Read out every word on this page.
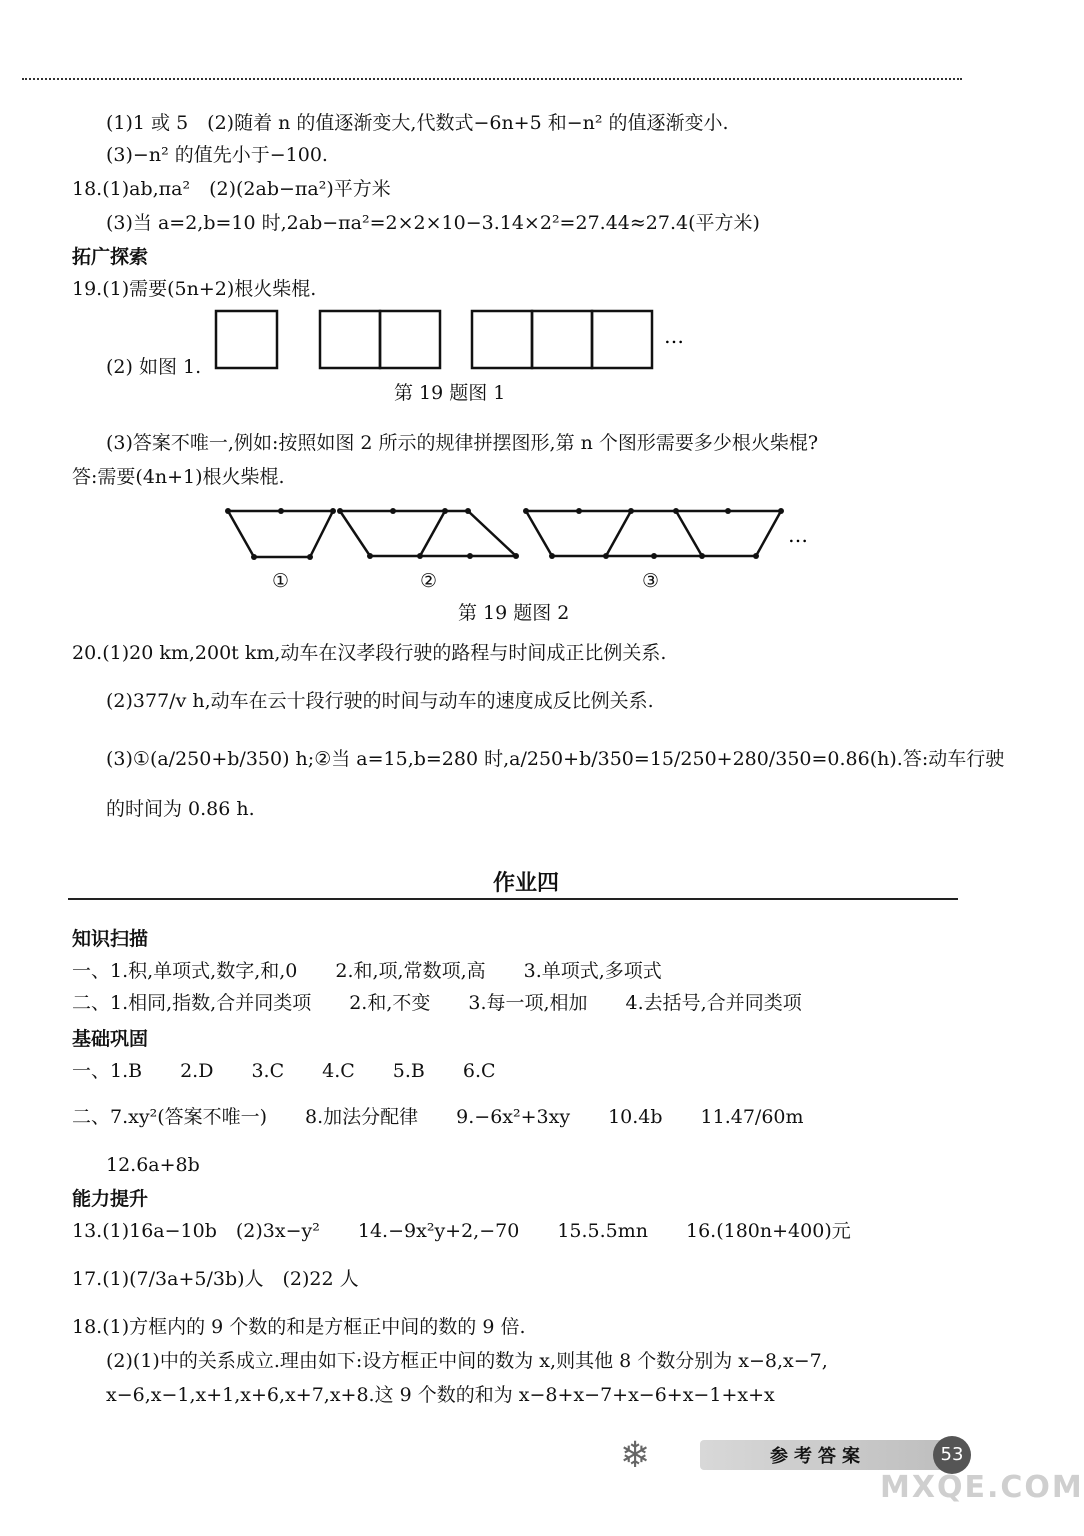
(1)1 或 5　(2)随着 n 的值逐渐变大,代数式−6n+5 和−n² 的值逐渐变小.
(3)−n² 的值先小于−100.
18.(1)ab,πa²　(2)(2ab−πa²)平方米
(3)当 a=2,b=10 时,2ab−πa²=2×2×10−3.14×2²=27.44≈27.4(平方米)
拓广探索
19.(1)需要(5n+2)根火柴棍.
(2) 如图 1.
…
第 19 题图 1
(3)答案不唯一,例如:按照如图 2 所示的规律拼摆图形,第 n 个图形需要多少根火柴棍?
答:需要(4n+1)根火柴棍.
…
①	②	③
第 19 题图 2
20.(1)20 km,200t km,动车在汉孝段行驶的路程与时间成正比例关系.
(2)377/v h,动车在云十段行驶的时间与动车的速度成反比例关系.
(3)①(a/250+b/350) h;②当 a=15,b=280 时,a/250+b/350=15/250+280/350=0.86(h).答:动车行驶
的时间为 0.86 h.
作业四
知识扫描
一、1.积,单项式,数字,和,0　　2.和,项,常数项,高　　3.单项式,多项式
二、1.相同,指数,合并同类项　　2.和,不变　　3.每一项,相加　　4.去括号,合并同类项
基础巩固
一、1.B　　2.D　　3.C　　4.C　　5.B　　6.C
二、7.xy²(答案不唯一)　　8.加法分配律　　9.−6x²+3xy　　10.4b　　11.47/60m
12.6a+8b
能力提升
13.(1)16a−10b　(2)3x−y²　　14.−9x²y+2,−70　　15.5.5mn　　16.(180n+400)元
17.(1)(7/3a+5/3b)人　(2)22 人
18.(1)方框内的 9 个数的和是方框正中间的数的 9 倍.
(2)(1)中的关系成立.理由如下:设方框正中间的数为 x,则其他 8 个数分别为 x−8,x−7,
x−6,x−1,x+1,x+6,x+7,x+8.这 9 个数的和为 x−8+x−7+x−6+x−1+x+x
❄	参考答案	53
MXQE.COM
